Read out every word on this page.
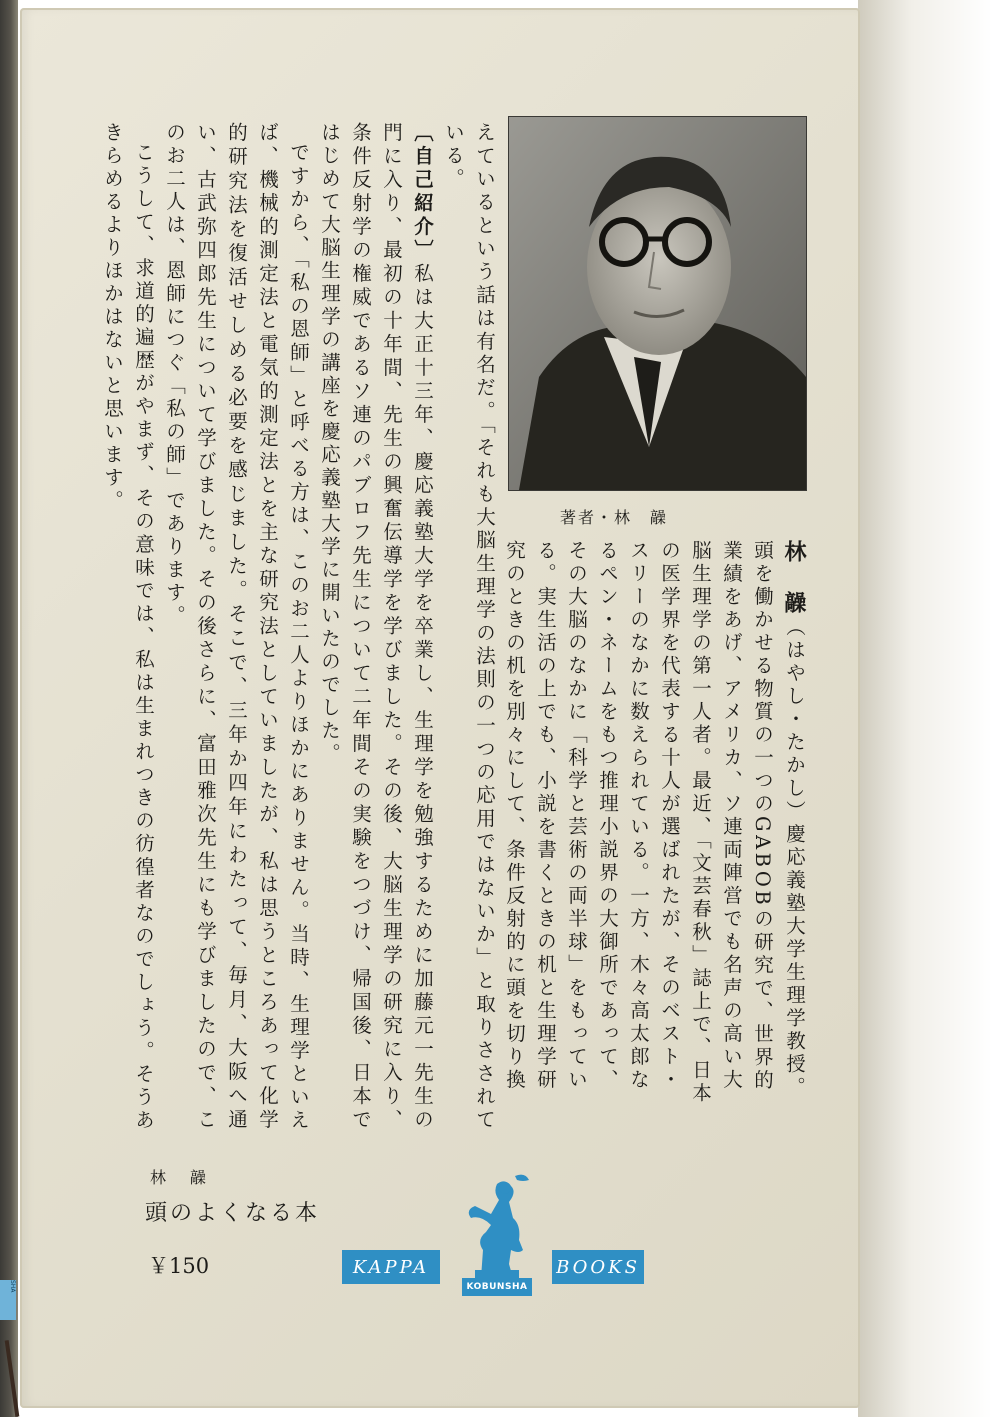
SHA

えているという話は有名だ。「それも大脳生理学の法則の一つの応用ではないか」と取りさされている。

〔自己紹介〕私は大正十三年、慶応義塾大学を卒業し、生理学を勉強するために加藤元一先生の門に入り、最初の十年間、先生の興奮伝導学を学びました。その後、大脳生理学の研究に入り、条件反射学の権威であるソ連のパブロフ先生について二年間その実験をつづけ、帰国後、日本ではじめて大脳生理学の講座を慶応義塾大学に開いたのでした。

ですから、「私の恩師」と呼べる方は、このお二人よりほかにありません。当時、生理学といえば、機械的測定法と電気的測定法とを主な研究法としていましたが、私は思うところあって化学的研究法を復活せしめる必要を感じました。そこで、三年か四年にわたって、毎月、大阪へ通い、古武弥四郎先生について学びました。その後さらに、富田雅次先生にも学びましたので、このお二人は、恩師につぐ「私の師」であります。

こうして、求道的遍歴がやまず、その意味では、私は生まれつきの彷徨者なのでしょう。そうあきらめるよりほかはないと思います。

著者・林　髞

林　髞（はやし・たかし）慶応義塾大学生理学教授。頭を働かせる物質の一つのGABOBの研究で、世界的業績をあげ、アメリカ、ソ連両陣営でも名声の高い大脳生理学の第一人者。最近、「文芸春秋」誌上で、日本の医学界を代表する十人が選ばれたが、そのベスト・スリーのなかに数えられている。一方、木々高太郎なるペン・ネームをもつ推理小説界の大御所であって、その大脳のなかに「科学と芸術の両半球」をもっている。実生活の上でも、小説を書くときの机と生理学研究のときの机を別々にして、条件反射的に頭を切り換

林　髞
頭のよくなる本
￥150	KAPPA	BOOKS
KOBUNSHA
